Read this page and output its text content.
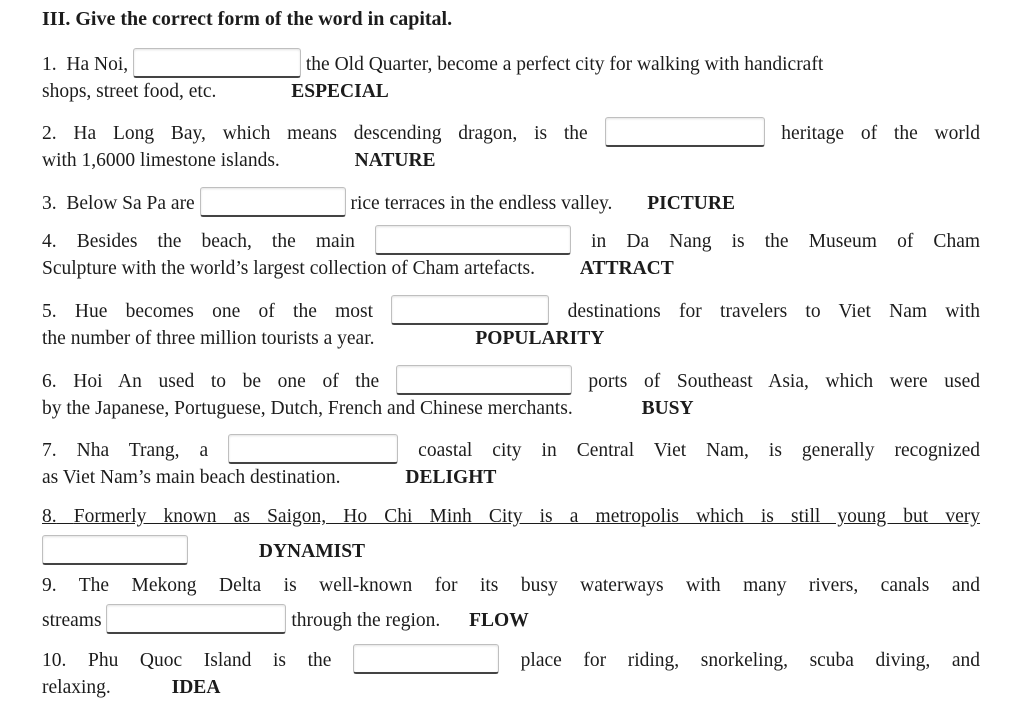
III. Give the correct form of the word in capital.
1. Ha Noi,	the Old Quarter, become a perfect city for walking with handicraft
shops, street food, etc.	ESPECIAL
2. Ha Long Bay, which means descending dragon, is the	heritage of the world
with 1,6000 limestone islands.	NATURE
3. Below Sa Pa are	rice terraces in the endless valley. PICTURE
4. Besides the beach, the main	in Da Nang is the Museum of Cham
Sculpture with the world’s largest collection of Cham artefacts. ATTRACT
5. Hue becomes one of the most	destinations for travelers to Viet Nam with
the number of three million tourists a year.	POPULARITY
6. Hoi An used to be one of the	ports of Southeast Asia, which were used
by the Japanese, Portuguese, Dutch, French and Chinese merchants.	BUSY
7. Nha Trang, a	coastal city in Central Viet Nam, is generally recognized
as Viet Nam’s main beach destination.	DELIGHT
8. Formerly known as Saigon, Ho Chi Minh City is a metropolis which is still young but very
DYNAMIST
9. The Mekong Delta is well-known for its busy waterways with many rivers, canals and
streams	through the region. FLOW
10. Phu Quoc Island is the	place for riding, snorkeling, scuba diving, and
relaxing.	IDEA
